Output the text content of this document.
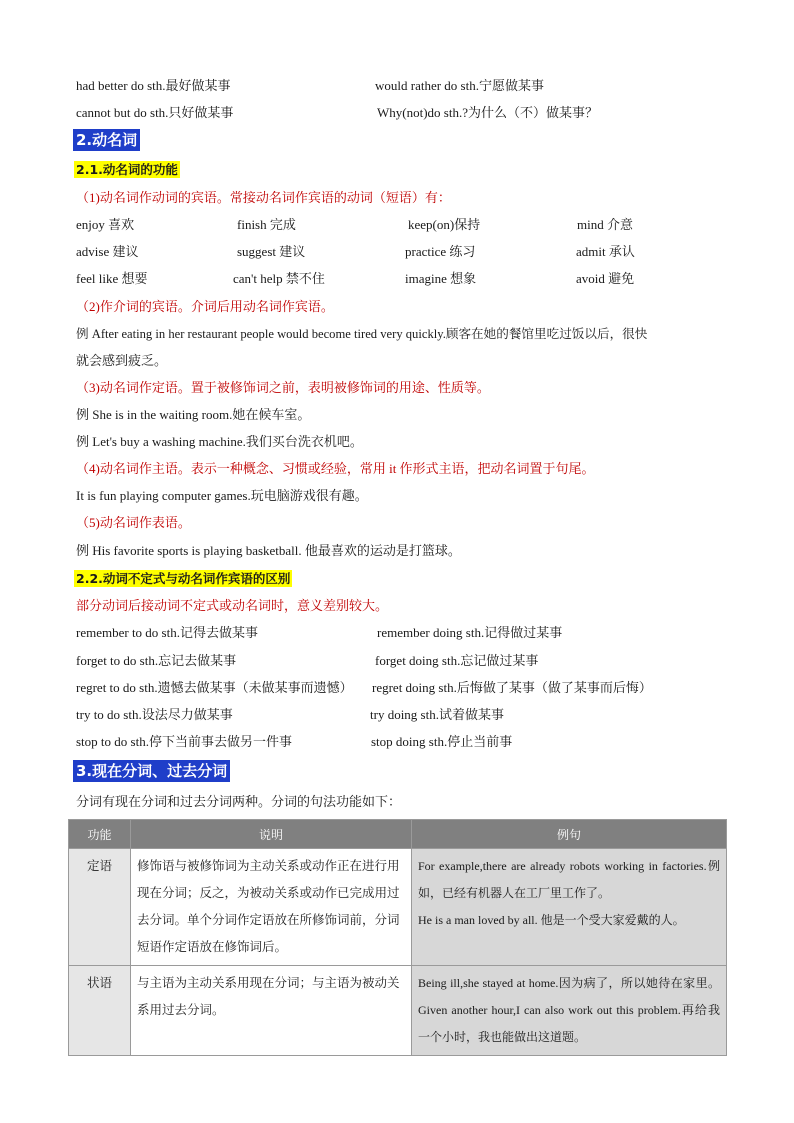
had better do sth.最好做某事	would rather do sth.宁愿做某事
cannot but do sth.只好做某事	Why(not)do sth.?为什么（不）做某事？
2.动名词
2.1.动名词的功能
（1)动名词作动词的宾语。常接动名词作宾语的动词（短语）有：
enjoy 喜欢	finish 完成	keep(on)保持	mind 介意
advise 建议	suggest 建议	practice 练习	admit 承认
feel like 想要	can't help 禁不住	imagine 想象	avoid 避免
（2)作介词的宾语。介词后用动名词作宾语。
例 After eating in her restaurant people would become tired very quickly.顾客在她的餐馆里吃过饭以后，很快
就会感到疲乏。
（3)动名词作定语。置于被修饰词之前，表明被修饰词的用途、性质等。
例 She is in the waiting room.她在候车室。
例 Let's buy a washing machine.我们买台洗衣机吧。
（4)动名词作主语。表示一种概念、习惯或经验，常用 it 作形式主语，把动名词置于句尾。
It is fun playing computer games.玩电脑游戏很有趣。
（5)动名词作表语。
例 His favorite sports is playing basketball. 他最喜欢的运动是打篮球。
2.2.动词不定式与动名词作宾语的区别
部分动词后接动词不定式或动名词时，意义差别较大。
remember to do sth.记得去做某事	remember doing sth.记得做过某事
forget to do sth.忘记去做某事	forget doing sth.忘记做过某事
regret to do sth.遗憾去做某事（未做某事而遗憾） regret doing sth.后悔做了某事（做了某事而后悔）
try to do sth.设法尽力做某事	try doing sth.试着做某事
stop to do sth.停下当前事去做另一件事	stop doing sth.停止当前事
3.现在分词、过去分词
分词有现在分词和过去分词两种。分词的句法功能如下：
功能	说明	例句
定语	修饰语与被修饰词为主动关系或动作正在进行用现在分词；反之，为被动关系或动作已完成用过去分词。单个分词作定语放在所修饰词前，分词短语作定语放在修饰词后。	For example,there are already robots working in factories.例如，已经有机器人在工厂里工作了。
He is a man loved by all. 他是一个受大家爱戴的人。

状语	与主语为主动关系用现在分词；与主语为被动关系用过去分词。	Being ill,she stayed at home.因为病了，所以她待在家里。 Given another hour,I can also work out this problem.再给我一个小时，我也能做出这道题。
